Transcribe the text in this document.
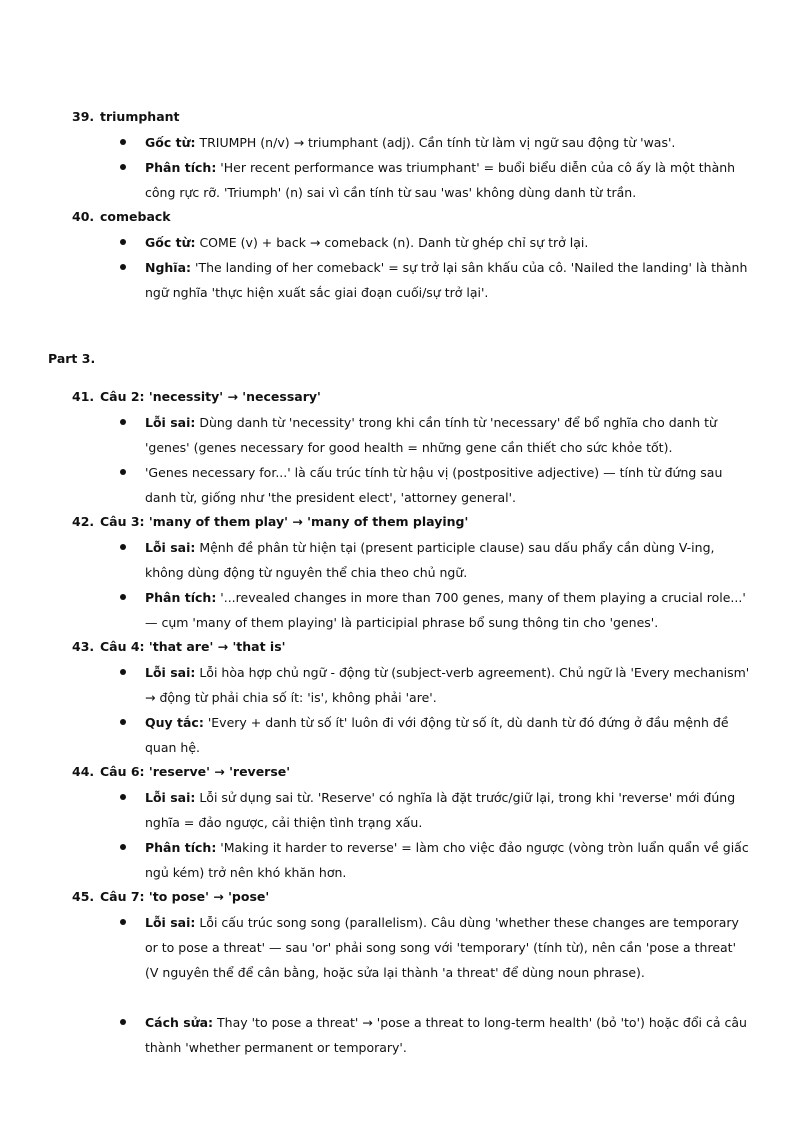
39. triumphant
Gốc từ: TRIUMPH (n/v) → triumphant (adj). Cần tính từ làm vị ngữ sau động từ 'was'.
Phân tích: 'Her recent performance was triumphant' = buổi biểu diễn của cô ấy là một thành công rực rỡ. 'Triumph' (n) sai vì cần tính từ sau 'was' không dùng danh từ trần.
40. comeback
Gốc từ: COME (v) + back → comeback (n). Danh từ ghép chỉ sự trở lại.
Nghĩa: 'The landing of her comeback' = sự trở lại sân khấu của cô. 'Nailed the landing' là thành ngữ nghĩa 'thực hiện xuất sắc giai đoạn cuối/sự trở lại'.
Part 3.
41. Câu 2: 'necessity' → 'necessary'
Lỗi sai: Dùng danh từ 'necessity' trong khi cần tính từ 'necessary' để bổ nghĩa cho danh từ 'genes' (genes necessary for good health = những gene cần thiết cho sức khỏe tốt).
'Genes necessary for...' là cấu trúc tính từ hậu vị (postpositive adjective) — tính từ đứng sau danh từ, giống như 'the president elect', 'attorney general'.
42. Câu 3: 'many of them play' → 'many of them playing'
Lỗi sai: Mệnh đề phân từ hiện tại (present participle clause) sau dấu phẩy cần dùng V-ing, không dùng động từ nguyên thể chia theo chủ ngữ.
Phân tích: '...revealed changes in more than 700 genes, many of them playing a crucial role...' — cụm 'many of them playing' là participial phrase bổ sung thông tin cho 'genes'.
43. Câu 4: 'that are' → 'that is'
Lỗi sai: Lỗi hòa hợp chủ ngữ - động từ (subject-verb agreement). Chủ ngữ là 'Every mechanism' → động từ phải chia số ít: 'is', không phải 'are'.
Quy tắc: 'Every + danh từ số ít' luôn đi với động từ số ít, dù danh từ đó đứng ở đầu mệnh đề quan hệ.
44. Câu 6: 'reserve' → 'reverse'
Lỗi sai: Lỗi sử dụng sai từ. 'Reserve' có nghĩa là đặt trước/giữ lại, trong khi 'reverse' mới đúng nghĩa = đảo ngược, cải thiện tình trạng xấu.
Phân tích: 'Making it harder to reverse' = làm cho việc đảo ngược (vòng tròn luẩn quẩn về giấc ngủ kém) trở nên khó khăn hơn.
45. Câu 7: 'to pose' → 'pose'
Lỗi sai: Lỗi cấu trúc song song (parallelism). Câu dùng 'whether these changes are temporary or to pose a threat' — sau 'or' phải song song với 'temporary' (tính từ), nên cần 'pose a threat' (V nguyên thể để cân bằng, hoặc sửa lại thành 'a threat' để dùng noun phrase).
Cách sửa: Thay 'to pose a threat' → 'pose a threat to long-term health' (bỏ 'to') hoặc đổi cả câu thành 'whether permanent or temporary'.
